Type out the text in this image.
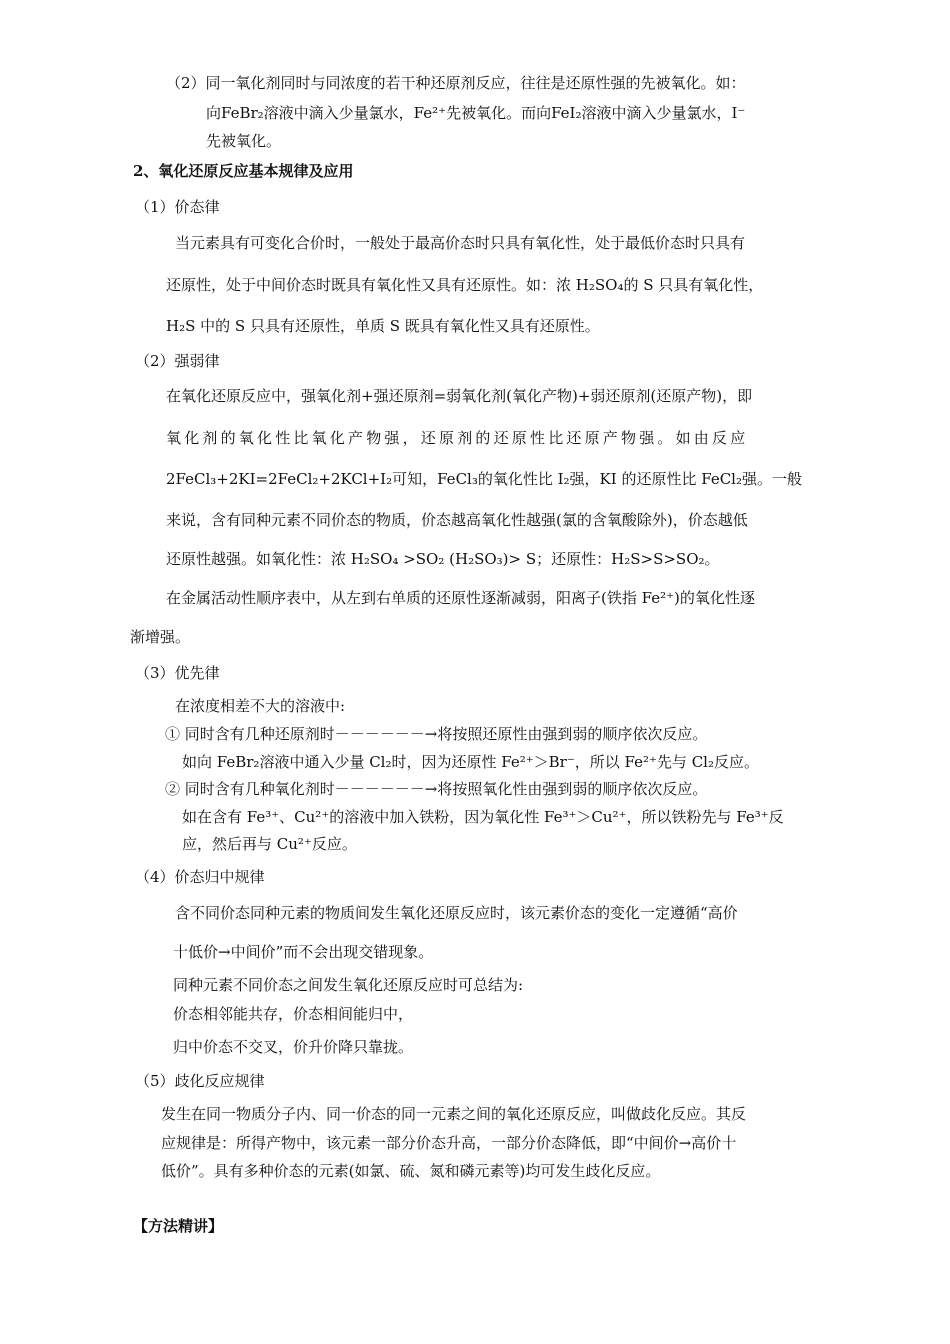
（2）同一氧化剂同时与同浓度的若干种还原剂反应，往往是还原性强的先被氧化。如：
向FeBr₂溶液中滴入少量氯水，Fe²⁺先被氧化。而向FeI₂溶液中滴入少量氯水，I⁻
先被氧化。
2、氧化还原反应基本规律及应用
（1）价态律
当元素具有可变化合价时，一般处于最高价态时只具有氧化性，处于最低价态时只具有
还原性，处于中间价态时既具有氧化性又具有还原性。如：浓 H₂SO₄的 S 只具有氧化性，
H₂S 中的 S 只具有还原性，单质 S 既具有氧化性又具有还原性。
（2）强弱律
在氧化还原反应中，强氧化剂+强还原剂=弱氧化剂(氧化产物)+弱还原剂(还原产物)，即
氧化剂的氧化性比氧化产物强，还原剂的还原性比还原产物强。如由反应
2FeCl₃+2KI=2FeCl₂+2KCl+I₂可知，FeCl₃的氧化性比 I₂强，KI 的还原性比 FeCl₂强。一般
来说，含有同种元素不同价态的物质，价态越高氧化性越强(氯的含氧酸除外)，价态越低
还原性越强。如氧化性：浓 H₂SO₄ >SO₂ (H₂SO₃)> S；还原性：H₂S>S>SO₂。
在金属活动性顺序表中，从左到右单质的还原性逐渐减弱，阳离子(铁指 Fe²⁺)的氧化性逐
渐增强。
（3）优先律
在浓度相差不大的溶液中:
① 同时含有几种还原剂时－－－－－－→将按照还原性由强到弱的顺序依次反应。
如向 FeBr₂溶液中通入少量 Cl₂时，因为还原性 Fe²⁺＞Br⁻，所以 Fe²⁺先与 Cl₂反应。
② 同时含有几种氧化剂时－－－－－－→将按照氧化性由强到弱的顺序依次反应。
如在含有 Fe³⁺、Cu²⁺的溶液中加入铁粉，因为氧化性 Fe³⁺＞Cu²⁺，所以铁粉先与 Fe³⁺反
应，然后再与 Cu²⁺反应。
（4）价态归中规律
含不同价态同种元素的物质间发生氧化还原反应时，该元素价态的变化一定遵循“高价
十低价→中间价”而不会出现交错现象。
同种元素不同价态之间发生氧化还原反应时可总结为:
价态相邻能共存，价态相间能归中，
归中价态不交叉，价升价降只靠拢。
（5）歧化反应规律
发生在同一物质分子内、同一价态的同一元素之间的氧化还原反应，叫做歧化反应。其反
应规律是：所得产物中，该元素一部分价态升高，一部分价态降低，即“中间价→高价十
低价”。具有多种价态的元素(如氯、硫、氮和磷元素等)均可发生歧化反应。
【方法精讲】
